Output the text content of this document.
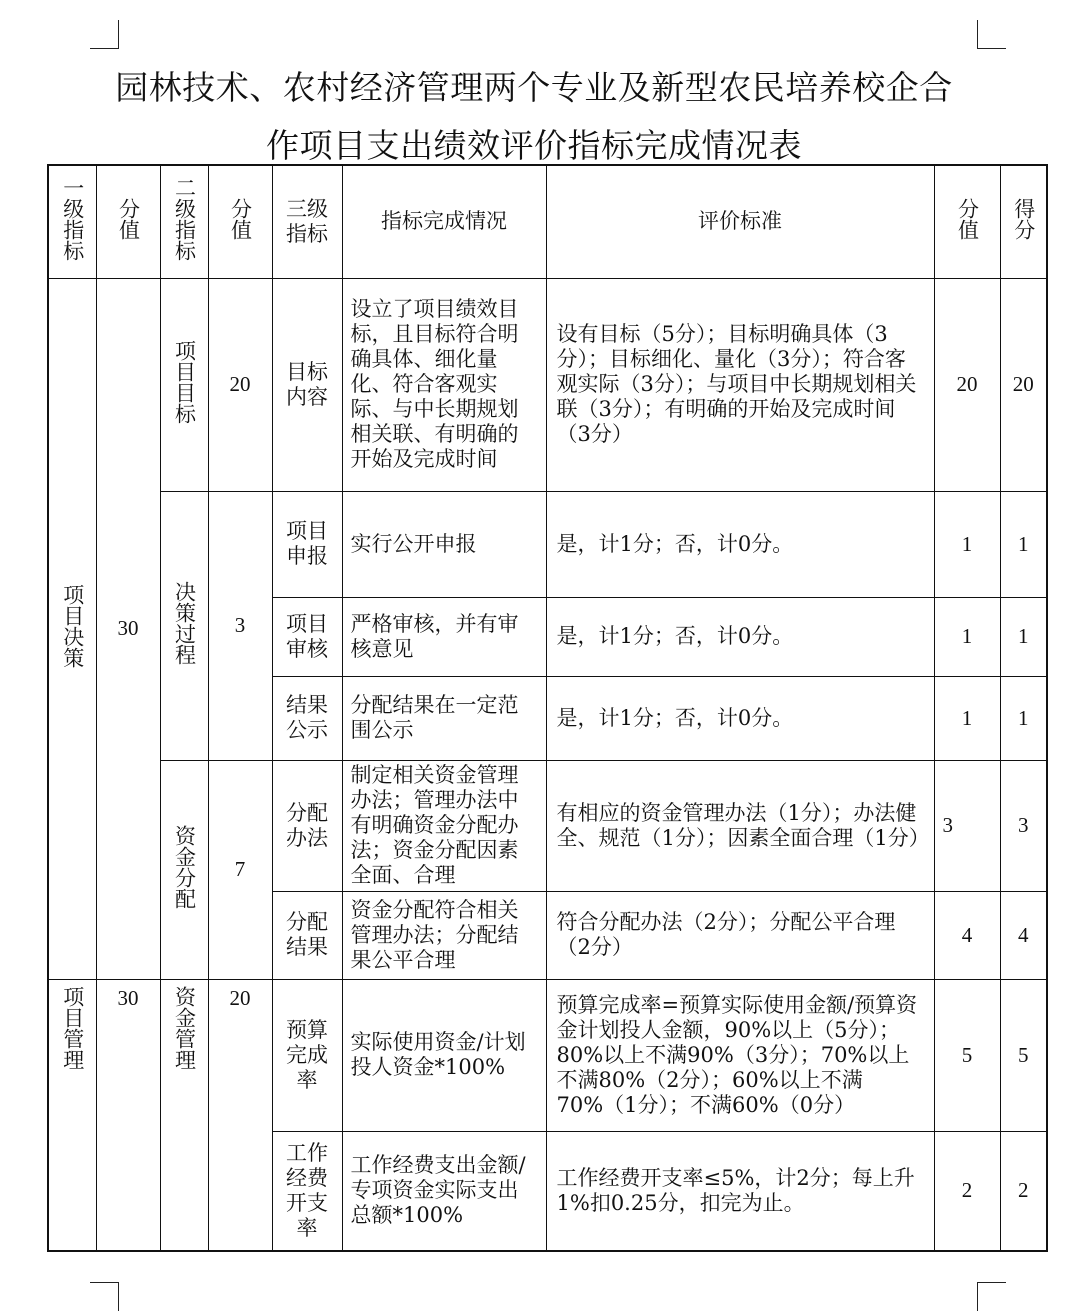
园林技术、农村经济管理两个专业及新型农民培养校企合
作项目支出绩效评价指标完成情况表
一级指标	分值	二级指标	分值	三级指标	指标完成情况	评价标准	分值	得分
项目决策	30	项目目标	20	目标内容	设立了项目绩效目标，且目标符合明确具体、细化量化、符合客观实际、与中长期规划相关联、有明确的开始及完成时间	设有目标（5分）；目标明确具体（3分）；目标细化、量化（3分）；符合客观实际（3分）；与项目中长期规划相关联（3分）；有明确的开始及完成时间（3分）	20	20
		决策过程	3	项目申报	实行公开申报	是，计1分；否，计0分。	1	1

				项目审核	严格审核，并有审核意见	是，计1分；否，计0分。	1	1

				结果公示	分配结果在一定范围公示	是，计1分；否，计0分。	1	1
		资金分配	7	分配办法	制定相关资金管理办法；管理办法中有明确资金分配办法；资金分配因素全面、合理	有相应的资金管理办法（1分）；办法健全、规范（1分）；因素全面合理（1分）	3	3

				分配结果	资金分配符合相关管理办法；分配结果公平合理	符合分配办法（2分）；分配公平合理（2分）	4	4

项目管理	30	资金管理	20	预算完成率	实际使用资金/计划投人资金*100%	预算完成率=预算实际使用金额/预算资金计划投人金额，90%以上（5分）；80%以上不满90%（3分）；70%以上不满80%（2分）；60%以上不满70%（1分）；不满60%（0分）	5	5

				工作经费开支率	工作经费支出金额/专项资金实际支出总额*100%	工作经费开支率≤5%，计2分；每上升1%扣0.25分，扣完为止。	2	2
